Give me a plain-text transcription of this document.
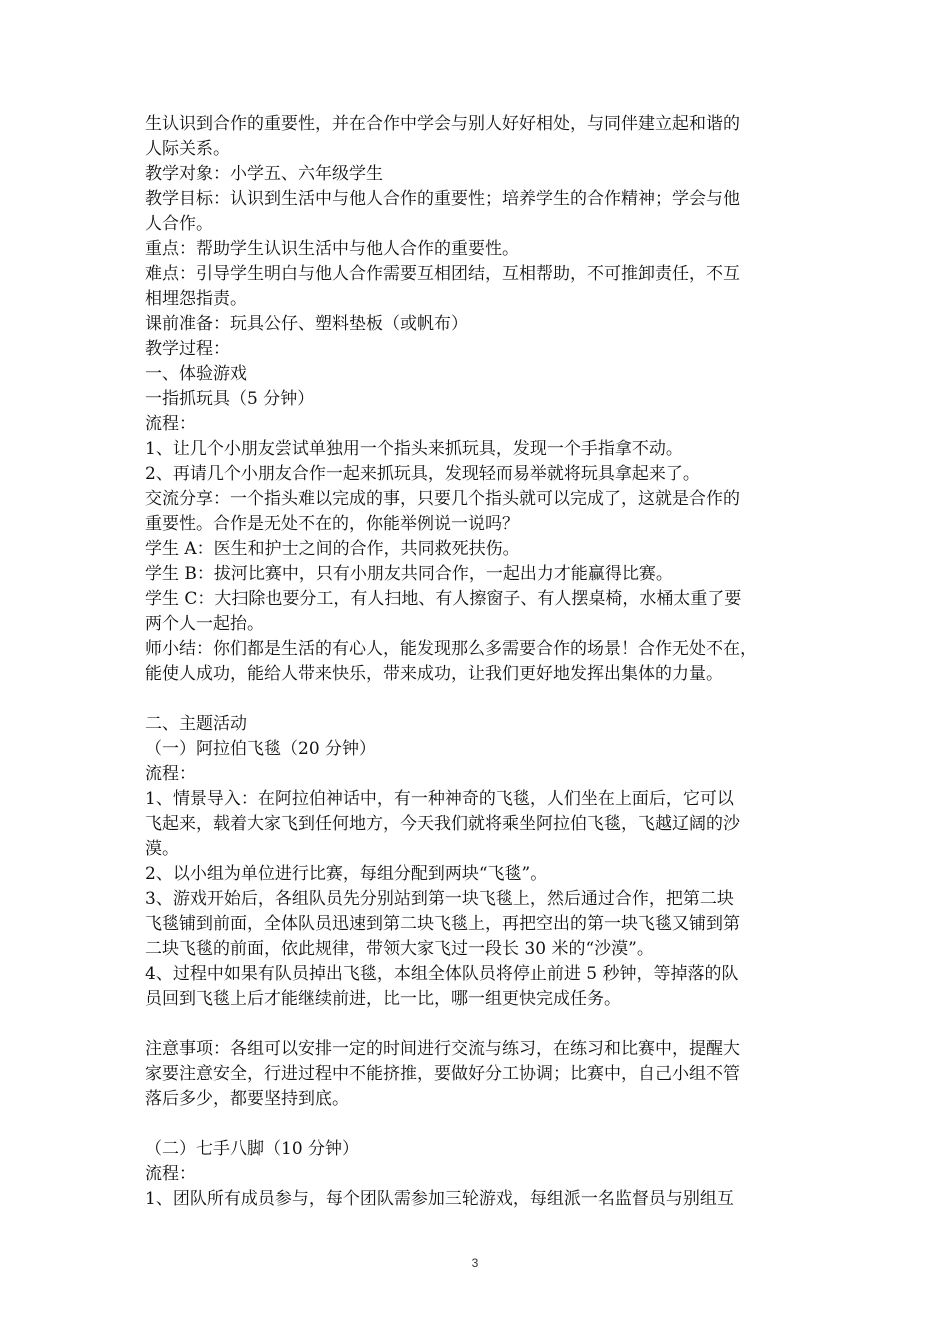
生认识到合作的重要性，并在合作中学会与别人好好相处，与同伴建立起和谐的

人际关系。

教学对象：小学五、六年级学生

教学目标：认识到生活中与他人合作的重要性；培养学生的合作精神；学会与他

人合作。

重点：帮助学生认识生活中与他人合作的重要性。

难点：引导学生明白与他人合作需要互相团结，互相帮助，不可推卸责任，不互

相埋怨指责。

课前准备：玩具公仔、塑料垫板（或帆布）

教学过程：

一、体验游戏

一指抓玩具（5 分钟）

流程：

1、让几个小朋友尝试单独用一个指头来抓玩具，发现一个手指拿不动。

2、再请几个小朋友合作一起来抓玩具，发现轻而易举就将玩具拿起来了。

交流分享：一个指头难以完成的事，只要几个指头就可以完成了，这就是合作的

重要性。合作是无处不在的，你能举例说一说吗？

学生 A：医生和护士之间的合作，共同救死扶伤。

学生 B：拔河比赛中，只有小朋友共同合作，一起出力才能赢得比赛。

学生 C：大扫除也要分工，有人扫地、有人擦窗子、有人摆桌椅，水桶太重了要

两个人一起抬。

师小结：你们都是生活的有心人，能发现那么多需要合作的场景！合作无处不在，

能使人成功，能给人带来快乐，带来成功，让我们更好地发挥出集体的力量。

二、主题活动

（一）阿拉伯飞毯（20 分钟）

流程：

1、情景导入：在阿拉伯神话中，有一种神奇的飞毯，人们坐在上面后，它可以

飞起来，载着大家飞到任何地方，今天我们就将乘坐阿拉伯飞毯，飞越辽阔的沙

漠。

2、以小组为单位进行比赛，每组分配到两块“飞毯”。

3、游戏开始后，各组队员先分别站到第一块飞毯上，然后通过合作，把第二块

飞毯铺到前面，全体队员迅速到第二块飞毯上，再把空出的第一块飞毯又铺到第

二块飞毯的前面，依此规律，带领大家飞过一段长 30 米的“沙漠”。

4、过程中如果有队员掉出飞毯，本组全体队员将停止前进 5 秒钟，等掉落的队

员回到飞毯上后才能继续前进，比一比，哪一组更快完成任务。

注意事项：各组可以安排一定的时间进行交流与练习，在练习和比赛中，提醒大

家要注意安全，行进过程中不能挤推，要做好分工协调；比赛中，自己小组不管

落后多少，都要坚持到底。

（二）七手八脚（10 分钟）

流程：

1、团队所有成员参与，每个团队需参加三轮游戏，每组派一名监督员与别组互

3
